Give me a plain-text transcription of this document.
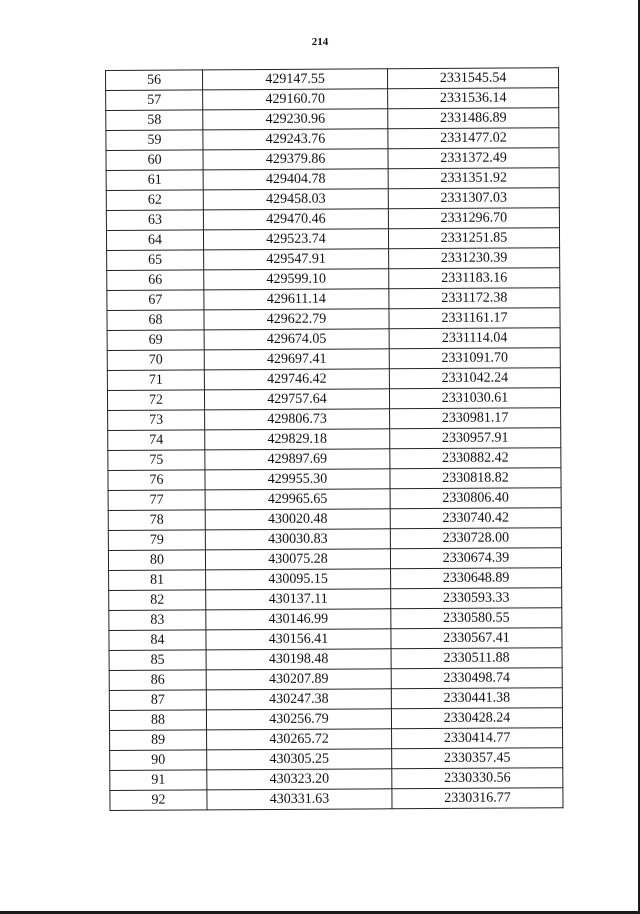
214
56	429147.55	2331545.54
57	429160.70	2331536.14
58	429230.96	2331486.89
59	429243.76	2331477.02
60	429379.86	2331372.49
61	429404.78	2331351.92
62	429458.03	2331307.03
63	429470.46	2331296.70
64	429523.74	2331251.85
65	429547.91	2331230.39
66	429599.10	2331183.16
67	429611.14	2331172.38
68	429622.79	2331161.17
69	429674.05	2331114.04
70	429697.41	2331091.70
71	429746.42	2331042.24
72	429757.64	2331030.61
73	429806.73	2330981.17
74	429829.18	2330957.91
75	429897.69	2330882.42
76	429955.30	2330818.82
77	429965.65	2330806.40
78	430020.48	2330740.42
79	430030.83	2330728.00
80	430075.28	2330674.39
81	430095.15	2330648.89
82	430137.11	2330593.33
83	430146.99	2330580.55
84	430156.41	2330567.41
85	430198.48	2330511.88
86	430207.89	2330498.74
87	430247.38	2330441.38
88	430256.79	2330428.24
89	430265.72	2330414.77
90	430305.25	2330357.45
91	430323.20	2330330.56
92	430331.63	2330316.77
